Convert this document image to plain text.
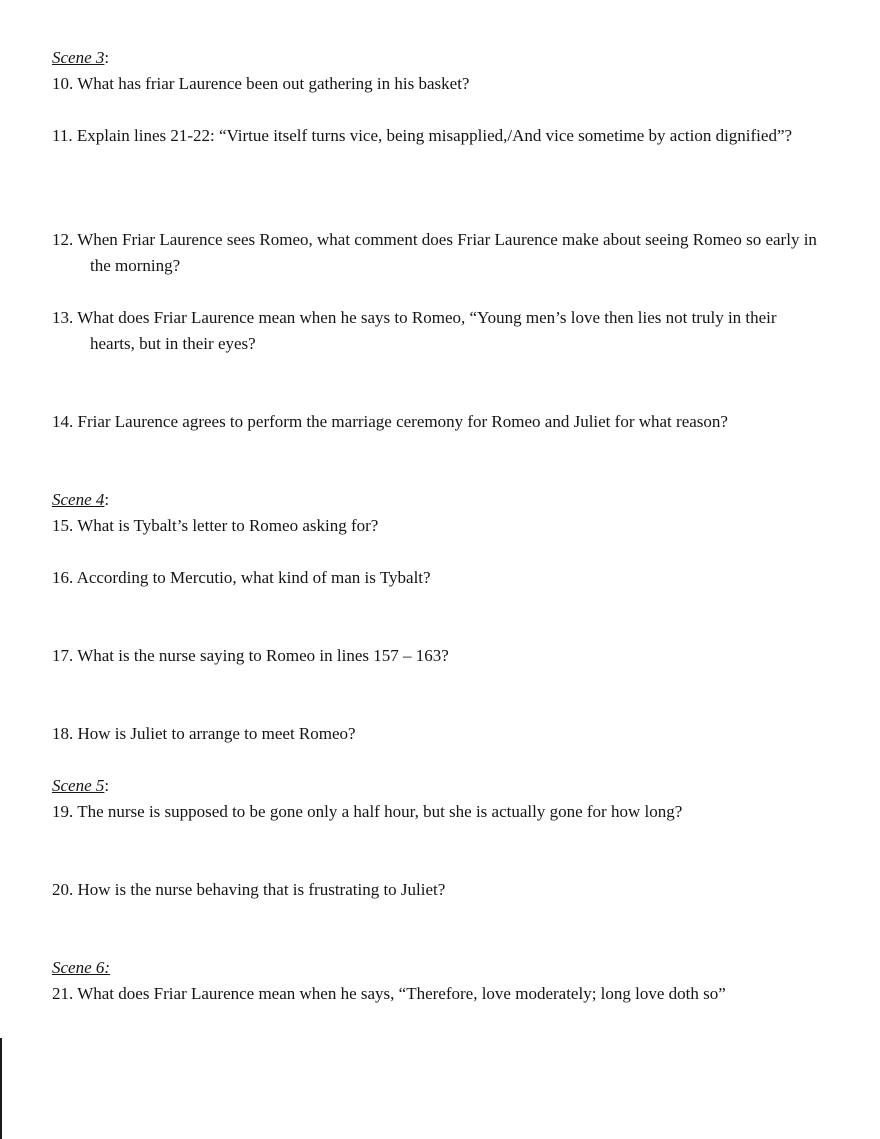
Scene 3:
10. What has friar Laurence been out gathering in his basket?
11. Explain lines 21-22: “Virtue itself turns vice, being misapplied,/And vice sometime by action dignified”?
12. When Friar Laurence sees Romeo, what comment does Friar Laurence make about seeing Romeo so early in the morning?
13. What does Friar Laurence mean when he says to Romeo, “Young men’s love then lies not truly in their hearts, but in their eyes?
14. Friar Laurence agrees to perform the marriage ceremony for Romeo and Juliet for what reason?
Scene 4:
15. What is Tybalt’s letter to Romeo asking for?
16. According to Mercutio, what kind of man is Tybalt?
17. What is the nurse saying to Romeo in lines 157 – 163?
18. How is Juliet to arrange to meet Romeo?
Scene 5:
19. The nurse is supposed to be gone only a half hour, but she is actually gone for how long?
20. How is the nurse behaving that is frustrating to Juliet?
Scene 6:
21. What does Friar Laurence mean when he says, “Therefore, love moderately; long love doth so”
